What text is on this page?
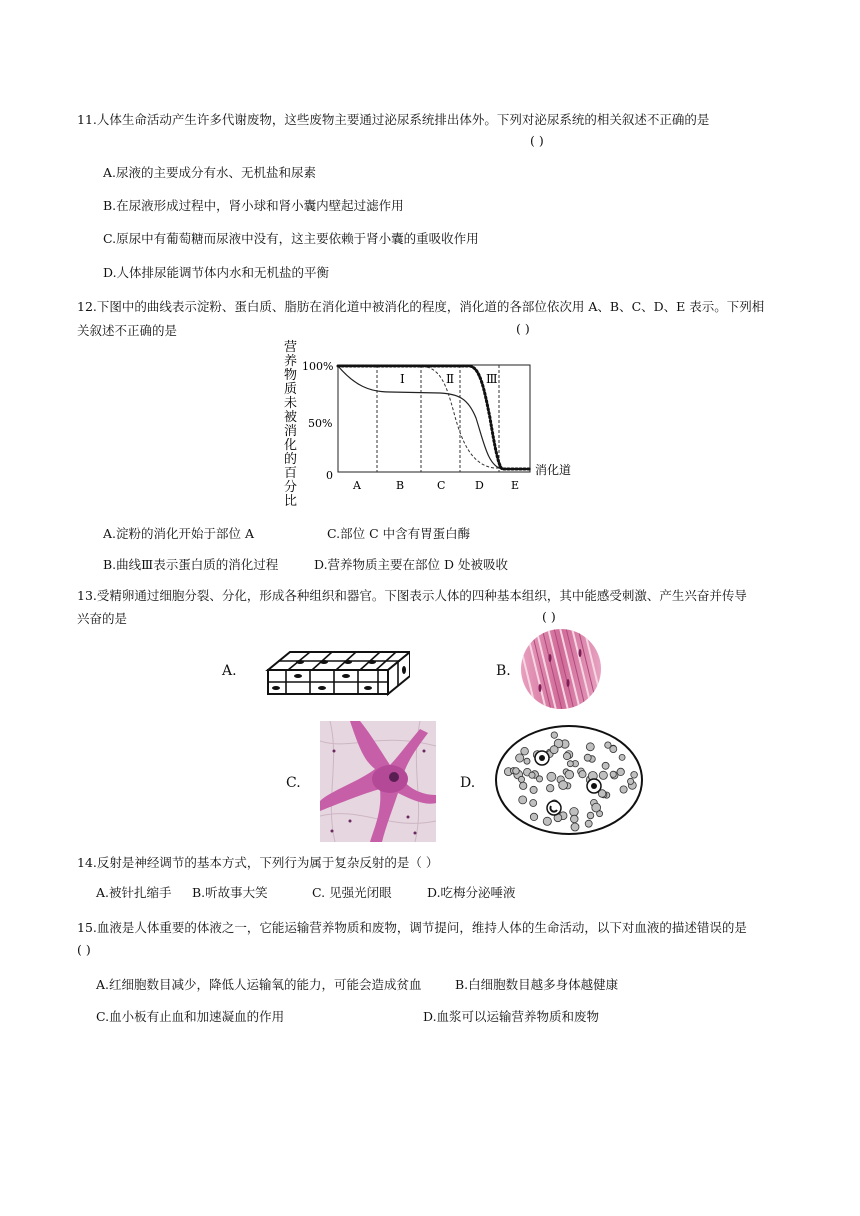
11.人体生命活动产生许多代谢废物，这些废物主要通过泌尿系统排出体外。下列对泌尿系统的相关叙述不正确的是
( )
A.尿液的主要成分有水、无机盐和尿素
B.在尿液形成过程中，肾小球和肾小囊内壁起过滤作用
C.原尿中有葡萄糖而尿液中没有，这主要依赖于肾小囊的重吸收作用
D.人体排尿能调节体内水和无机盐的平衡
12.下图中的曲线表示淀粉、蛋白质、脂肪在消化道中被消化的程度，消化道的各部位依次用 A、B、C、D、E 表示。下列相
关叙述不正确的是	( )
营
养
物
质
未
被
消
化
的
百
分
比
100%
50%
0
Ⅰ	Ⅱ	Ⅲ
A	B	C	D E
消化道
A.淀粉的消化开始于部位 A	C.部位 C 中含有胃蛋白酶
B.曲线Ⅲ表示蛋白质的消化过程	D.营养物质主要在部位 D 处被吸收
13.受精卵通过细胞分裂、分化，形成各种组织和器官。下图表示人体的四种基本组织，其中能感受刺激、产生兴奋并传导
兴奋的是	( )
A.	B.
C.	D.
14.反射是神经调节的基本方式，下列行为属于复杂反射的是（ ）
A.被针扎缩手 B.听故事大笑	C. 见强光闭眼	D.吃梅分泌唾液
15.血液是人体重要的体液之一，它能运输营养物质和废物，调节提问，维持人体的生命活动，以下对血液的描述错误的是
( )
A.红细胞数目减少，降低人运输氧的能力，可能会造成贫血	B.白细胞数目越多身体越健康
C.血小板有止血和加速凝血的作用	D.血浆可以运输营养物质和废物
